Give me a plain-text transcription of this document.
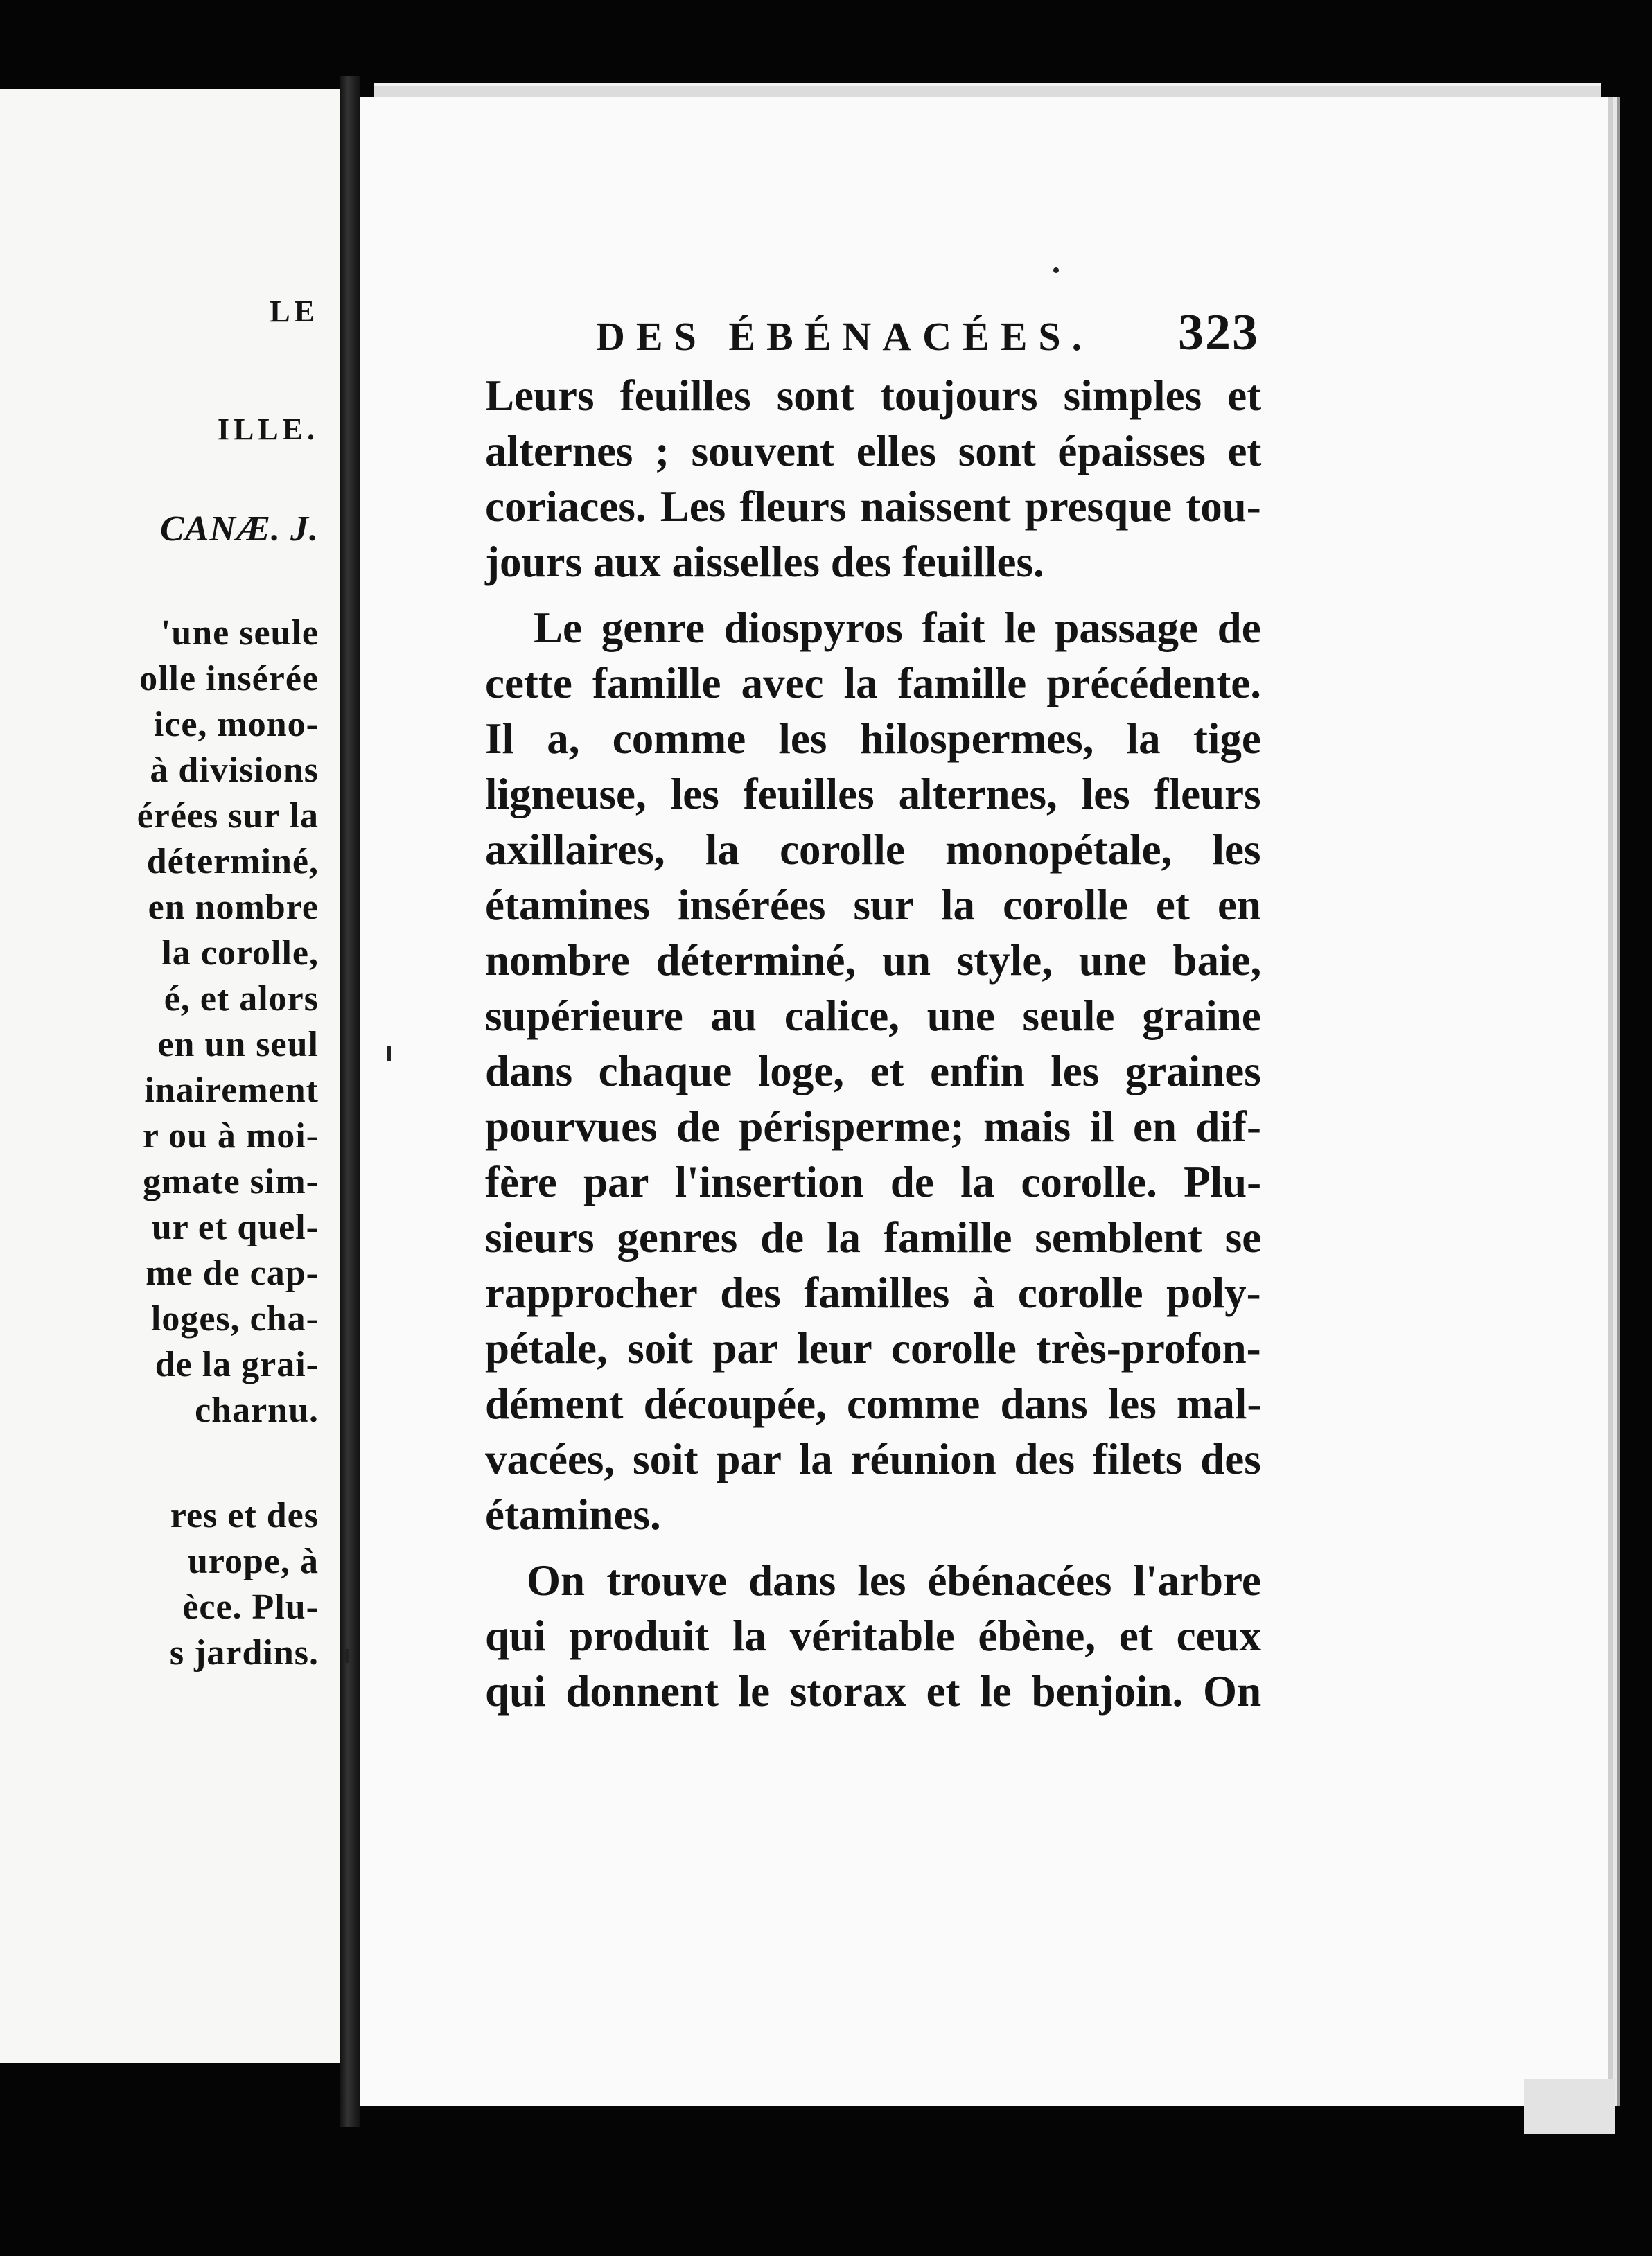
LE
ILLE.
CANÆ. J.
'une seule
olle insérée
ice, mono-
à divisions
érées sur la
déterminé,
en nombre
la corolle,
é, et alors
en un seul
inairement
r ou à moi-
gmate sim-
ur et quel-
me de cap-
loges, cha-
de la grai-
charnu.
res et des
urope, à
èce. Plu-
s jardins.
DES ÉBÉNACÉES.	323
Leurs feuilles sont toujours simples et
alternes ; souvent elles sont épaisses et
coriaces. Les fleurs naissent presque tou-
jours aux aisselles des feuilles.
Le genre diospyros fait le passage de
cette famille avec la famille précédente.
Il a, comme les hilospermes, la tige
ligneuse, les feuilles alternes, les fleurs
axillaires, la corolle monopétale, les
étamines insérées sur la corolle et en
nombre déterminé, un style, une baie,
supérieure au calice, une seule graine
dans chaque loge, et enfin les graines
pourvues de périsperme; mais il en dif-
fère par l'insertion de la corolle. Plu-
sieurs genres de la famille semblent se
rapprocher des familles à corolle poly-
pétale, soit par leur corolle très-profon-
dément découpée, comme dans les mal-
vacées, soit par la réunion des filets des
étamines.
On trouve dans les ébénacées l'arbre
qui produit la véritable ébène, et ceux
qui donnent le storax et le benjoin. On
